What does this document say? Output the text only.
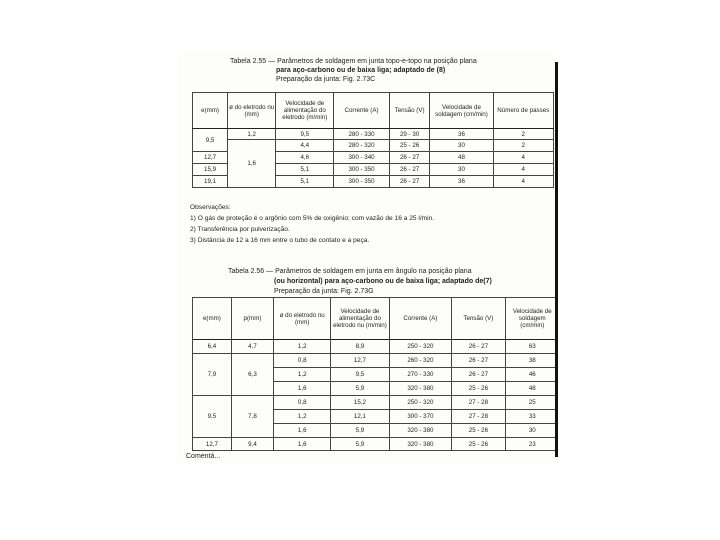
Tabela 2.55 — Parâmetros de soldagem em junta topo-e-topo na posição plana
para aço-carbono ou de baixa liga; adaptado de (8)
Preparação da junta: Fig. 2.73C
e(mm)	ø do eletrodo nu (mm)	Velocidade de alimentação do eletrodo (m/min)	Corrente (A)	Tensão (V)	Velocidade de soldagem (cm/min)	Número de passes
9,5	1,2	9,5	280 - 330	29 - 30	36	2
	1,6	4,4	280 - 320	25 - 26	30	2
12,7		4,6	300 - 340	26 - 27	48	4
15,9		5,1	300 - 350	26 - 27	30	4
19,1		5,1	300 - 350	26 - 27	36	4
Observações:
1) O gás de proteção é o argônio com 5% de oxigênio; com vazão de 16 a 25 l/min.
2) Transferência por pulverização.
3) Distância de 12 a 16 mm entre o tubo de contato e a peça.
Tabela 2.56 — Parâmetros de soldagem em junta em ângulo na posição plana
(ou horizontal) para aço-carbono ou de baixa liga; adaptado de(7)
Preparação da junta: Fig. 2.73G
e(mm)	p(mm)	ø do eletrodo nu (mm)	Velocidade de alimentação do eletrodo nu (m/min)	Corrente (A)	Tensão (V)	Velocidade de soldagem (cm/min)
6,4	4,7	1,2	8,9	250 - 320	26 - 27	63
7,9	6,3	0,8	12,7	260 - 320	26 - 27	38
		1,2	9,5	270 - 330	26 - 27	46
		1,6	5,9	320 - 380	25 - 26	48
9,5	7,8	0,8	15,2	250 - 320	27 - 28	25
		1,2	12,1	300 - 370	27 - 28	33
		1,6	5,9	320 - 380	25 - 26	30
12,7	9,4	1,6	5,9	320 - 380	25 - 26	23
Comentá...
